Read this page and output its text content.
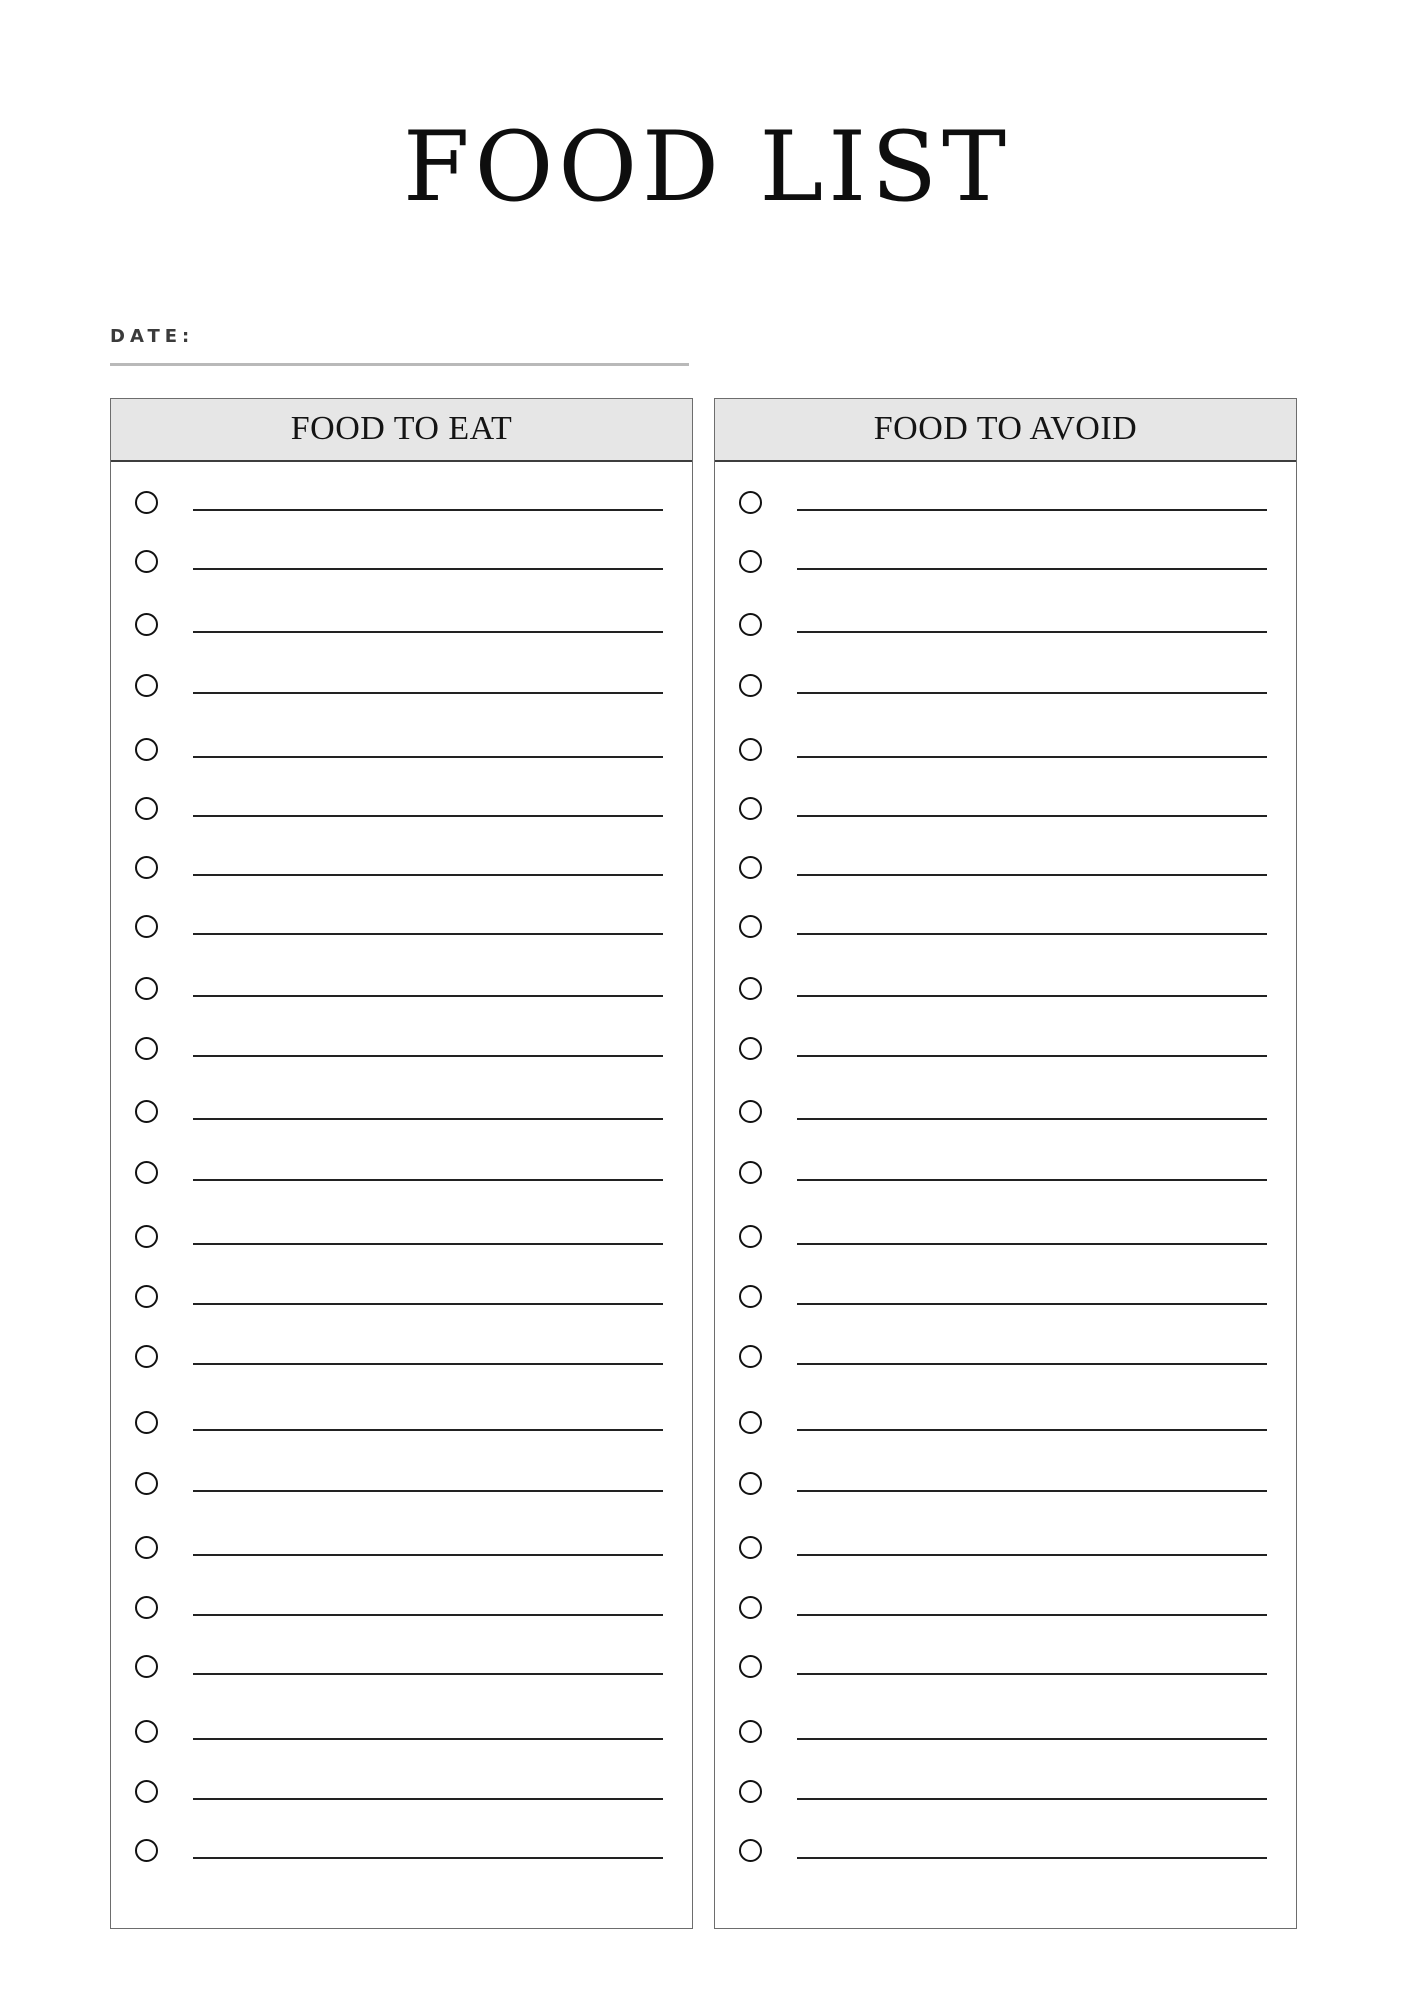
FOOD LIST
DATE:
FOOD TO EAT	FOOD TO AVOID
